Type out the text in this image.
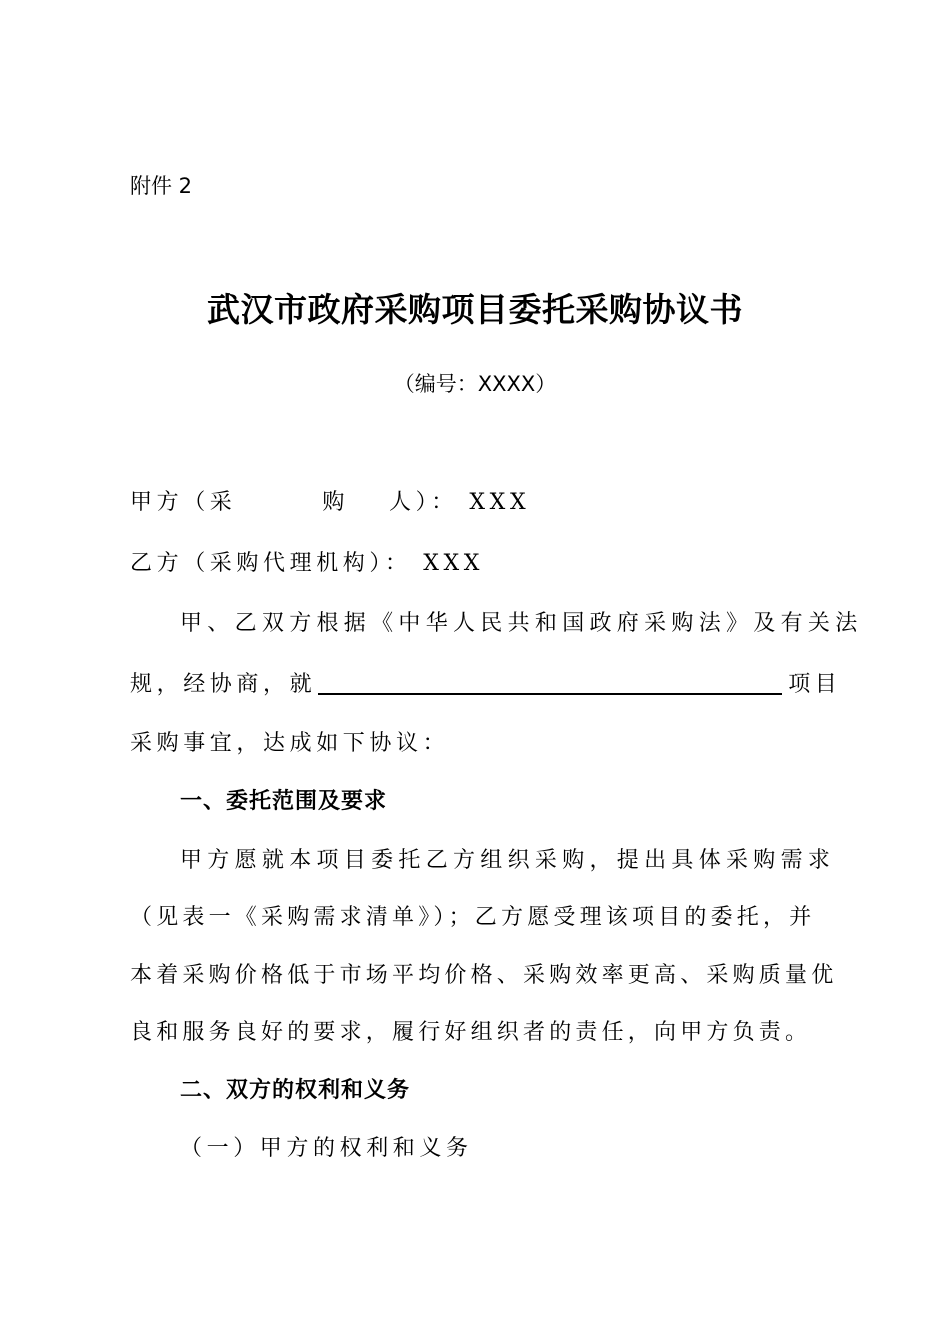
附件 2

武汉市政府采购项目委托采购协议书

（编号：XXXX）

甲方（采	购 人）： XXX

乙方（采购代理机构）： XXX

甲、乙双方根据《中华人民共和国政府采购法》及有关法

规，经协商，就	项目

采购事宜，达成如下协议：

一、委托范围及要求

甲方愿就本项目委托乙方组织采购，提出具体采购需求

（见表一《采购需求清单》）；乙方愿受理该项目的委托，并

本着采购价格低于市场平均价格、采购效率更高、采购质量优

良和服务良好的要求，履行好组织者的责任，向甲方负责。

二、双方的权利和义务

（一）甲方的权利和义务
